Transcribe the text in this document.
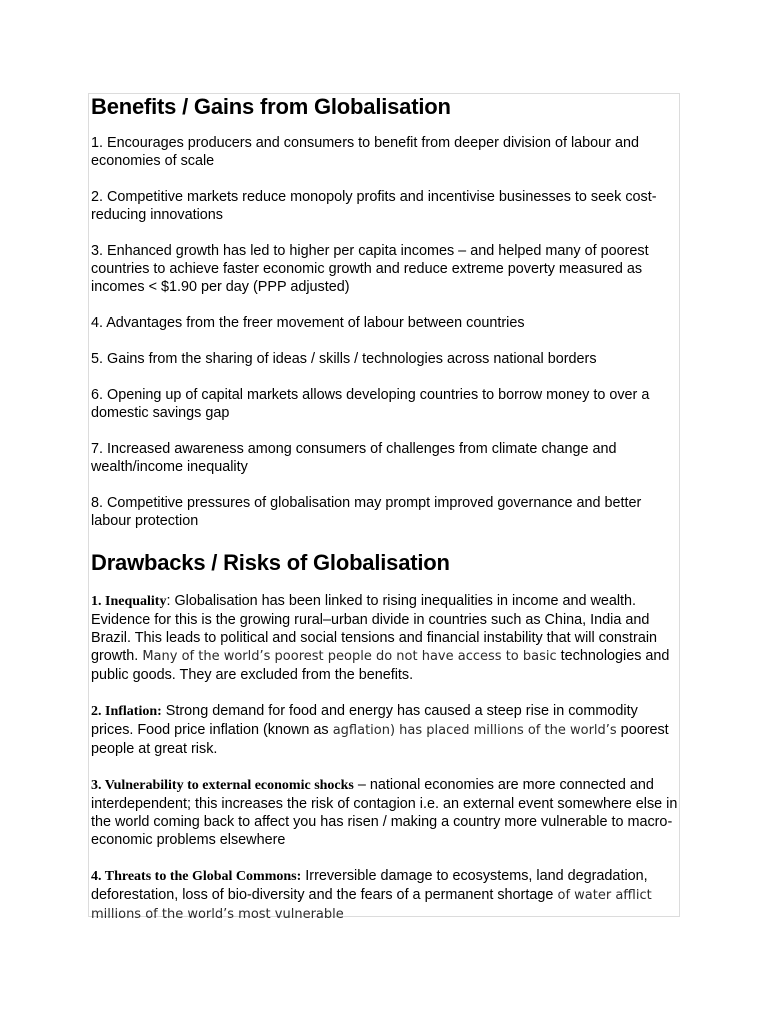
Benefits / Gains from Globalisation

1. Encourages producers and consumers to benefit from deeper division of labour and economies of scale

2. Competitive markets reduce monopoly profits and incentivise businesses to seek cost-reducing innovations

3. Enhanced growth has led to higher per capita incomes – and helped many of poorest countries to achieve faster economic growth and reduce extreme poverty measured as incomes < $1.90 per day (PPP adjusted)

4. Advantages from the freer movement of labour between countries

5. Gains from the sharing of ideas / skills / technologies across national borders

6. Opening up of capital markets allows developing countries to borrow money to over a domestic savings gap

7. Increased awareness among consumers of challenges from climate change and wealth/income inequality

8. Competitive pressures of globalisation may prompt improved governance and better labour protection

Drawbacks / Risks of Globalisation

1. Inequality: Globalisation has been linked to rising inequalities in income and wealth. Evidence for this is the growing rural–urban divide in countries such as China, India and Brazil. This leads to political and social tensions and financial instability that will constrain growth. Many of the world’s poorest people do not have access to basic technologies and public goods. They are excluded from the benefits.

2. Inflation: Strong demand for food and energy has caused a steep rise in commodity prices. Food price inflation (known as agflation) has placed millions of the world’s poorest people at great risk.

3. Vulnerability to external economic shocks – national economies are more connected and interdependent; this increases the risk of contagion i.e. an external event somewhere else in the world coming back to affect you has risen / making a country more vulnerable to macro-economic problems elsewhere

4. Threats to the Global Commons: Irreversible damage to ecosystems, land degradation, deforestation, loss of bio-diversity and the fears of a permanent shortage of water afflict millions of the world’s most vulnerable
